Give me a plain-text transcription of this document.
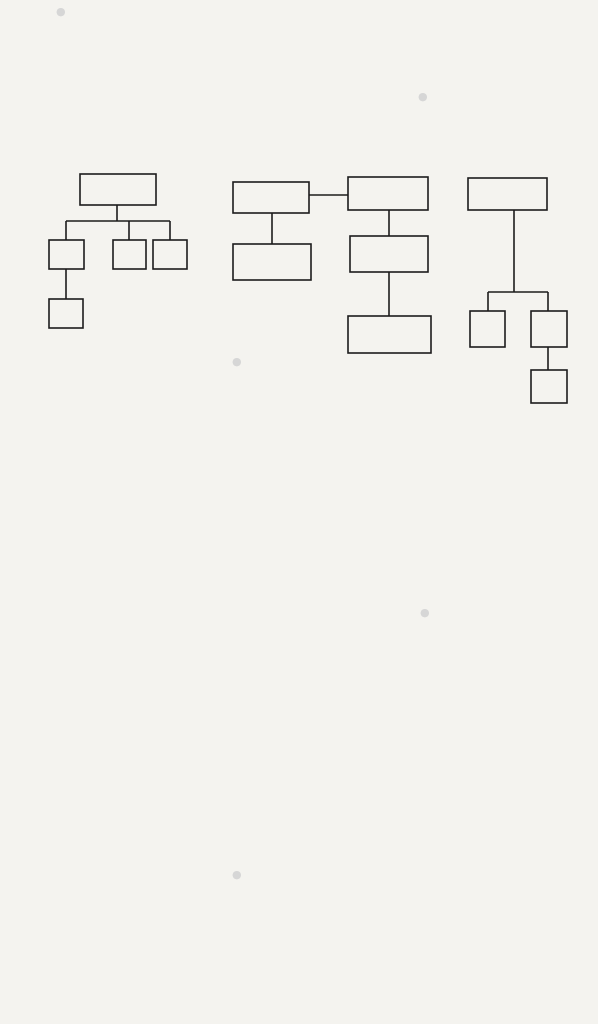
●
●
●
●
●
